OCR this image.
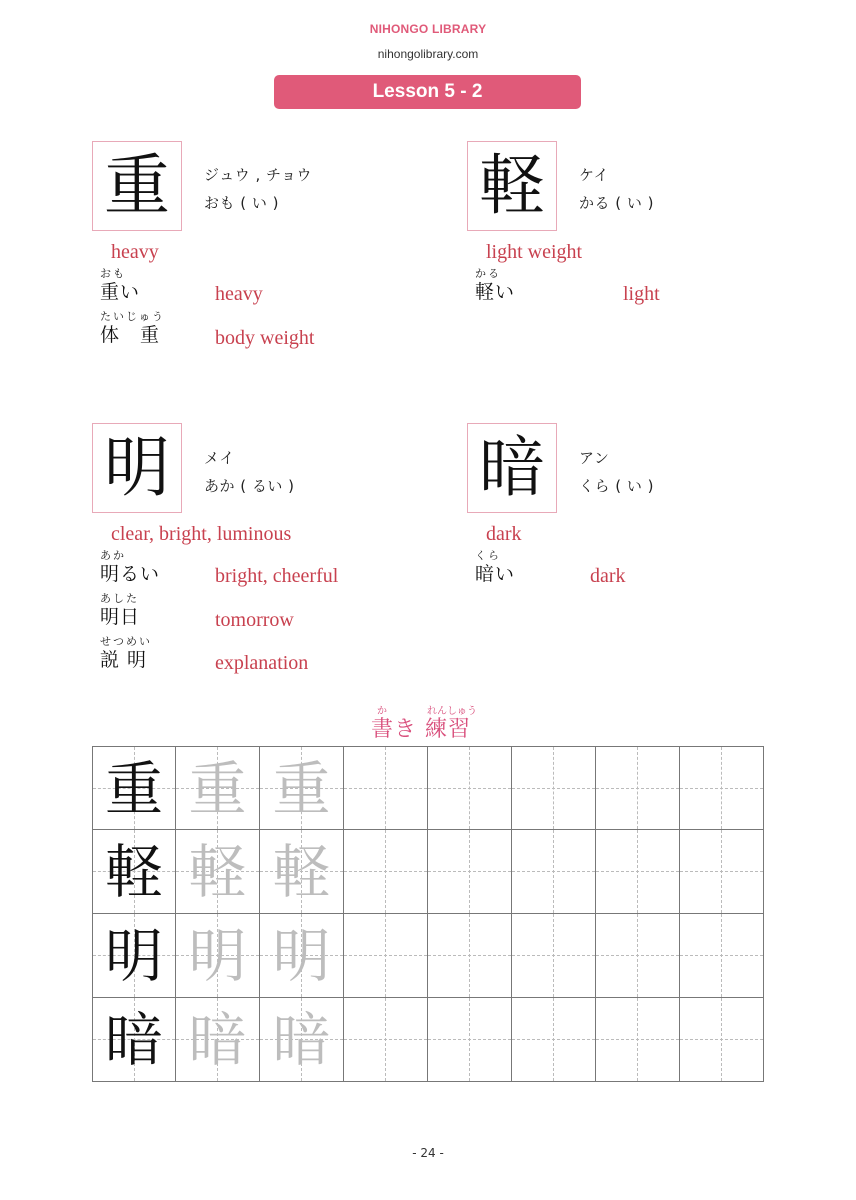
NIHONGO LIBRARY
nihongolibrary.com
Lesson 5 - 2
重	ジュウ , チョウ
おも ( い )
heavy
おも
重い	heavy
たいじゅう
体　重	body weight
軽	ケイ
かる ( い )
light weight
かる
軽い	light
明	メイ
あか ( るい )
clear, bright, luminous
あか
明るい	bright, cheerful
あした
明日	tomorrow
せつめい
説 明	explanation
暗	アン
くら ( い )
dark
くら
暗い	dark
か	れんしゅう
書き 練習
重 重 重
軽 軽 軽
明 明 明
暗 暗 暗
- 24 -
